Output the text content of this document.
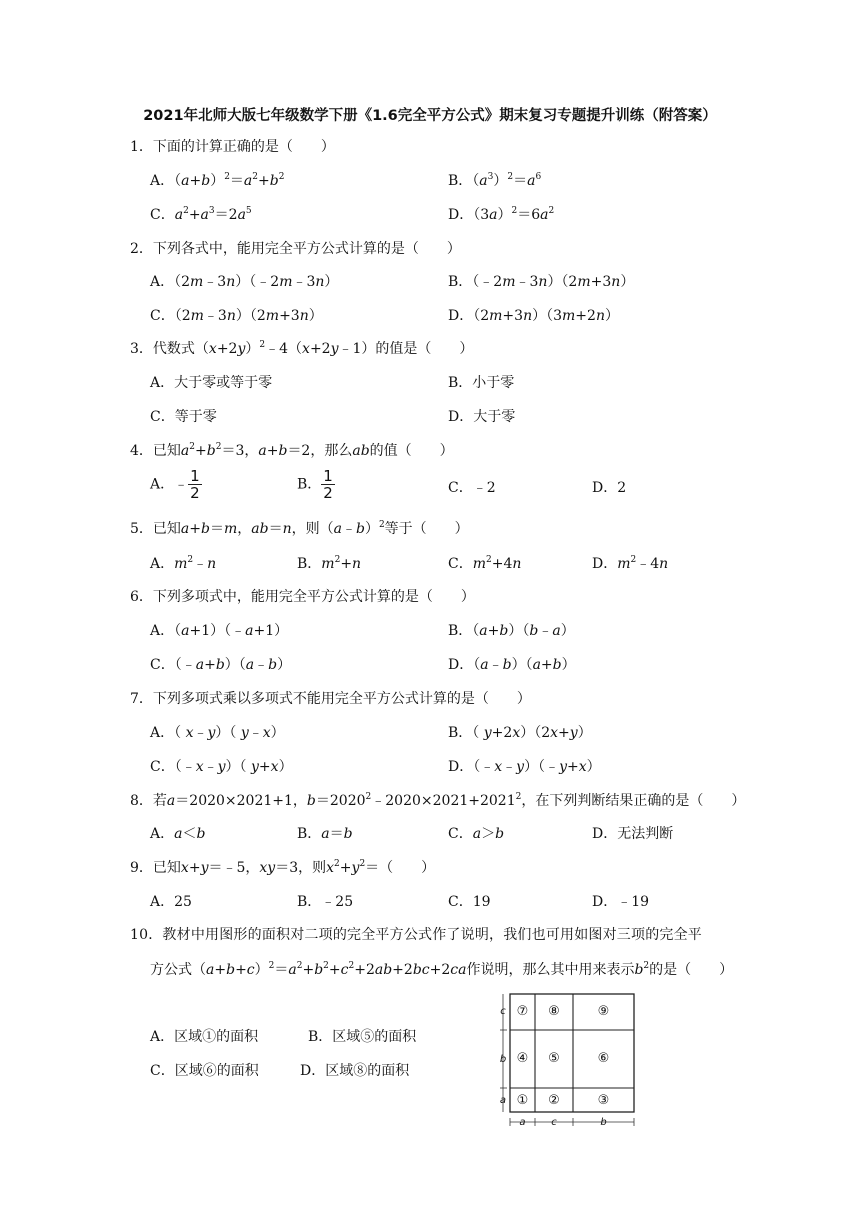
2021年北师大版七年级数学下册《1.6完全平方公式》期末复习专题提升训练（附答案）
1．下面的计算正确的是（　　）
A．$(a+b)^2=a^2+b^2$	B．$(a^3)^2=a^6$
C．$a^2+a^3=2a^5$	D．$(3a)^2=6a^2$
2．下列各式中，能用完全平方公式计算的是（　　）
A．（2m﹣3n）（﹣2m﹣3n）	B．（﹣2m﹣3n）（2m+3n）
C．（2m﹣3n）（2m+3n）	D．（2m+3n）（3m+2n）
3．代数式$(x+2y)^2﹣4(x+2y﹣1)$的值是（　　）
A．大于零或等于零	B．小于零
C．等于零	D．大于零
4．已知$a^2+b^2=3$，a+b＝2，那么ab的值（　　）
A．﹣ $\frac{1}{2}$	B． $\frac{1}{2}$	C．﹣2	D．2
5．已知a+b＝m，ab＝n，则（a﹣b）$^2$等于（　　）
A．$m^2﹣n$	B．$m^2+n$	C．$m^2+4n$	D．$m^2﹣4n$
6．下列多项式中，能用完全平方公式计算的是（　　）
A．（a+1）（﹣a+1）	B．（a+b）（b﹣a）
C．（﹣a+b）（a﹣b）	D．（a﹣b）（a+b）
7．下列多项式乘以多项式不能用完全平方公式计算的是（　　）
A．（ x﹣y）（ y﹣x）	B．（ y+2x）（2x+y）
C．（﹣x﹣y）（ y+x）	D．（﹣x﹣y）（﹣y+x）
8．若a＝2020×2021+1，$b=2020^2﹣2020\times 2021+2021^2$，在下列判断结果正确的是（　　）
A．a＜b	B．a＝b	C．a＞b	D．无法判断
9．已知x+y＝﹣5，xy＝3，则$x^2+y^2=$（　　）
A．25	B．﹣25	C．19	D．﹣19
10．教材中用图形的面积对二项的完全平方公式作了说明，我们也可用如图对三项的完全平
方公式$(a+b+c)^2=a^2+b^2+c^2+2ab+2bc+2ca$作说明，那么其中用来表示$b^2$的是（　　）
A．区域①的面积	B．区域⑤的面积
C．区域⑥的面积	D．区域⑧的面积
⑦ ⑧	⑨
④ ⑤	⑥
① ②	③
c
b
a
a	c	b
